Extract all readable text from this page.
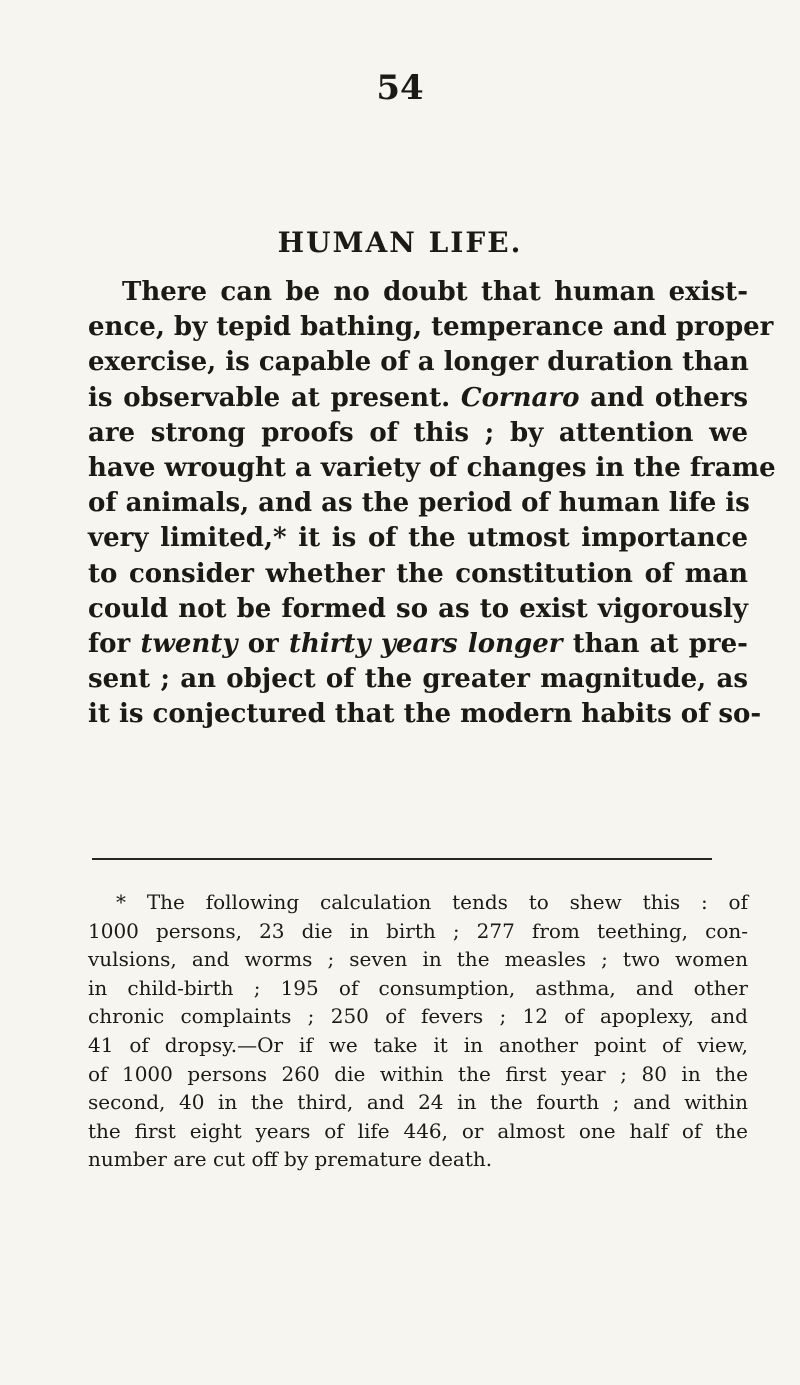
54
HUMAN LIFE.
There can be no doubt that human exist-
ence, by tepid bathing, temperance and proper
exercise, is capable of a longer duration than
is observable at present. Cornaro and others
are strong proofs of this ; by attention we
have wrought a variety of changes in the frame
of animals, and as the period of human life is
very limited,* it is of the utmost importance
to consider whether the constitution of man
could not be formed so as to exist vigorously
for twenty or thirty years longer than at pre-
sent ; an object of the greater magnitude, as
it is conjectured that the modern habits of so-
* The following calculation tends to shew this : of
1000 persons, 23 die in birth ; 277 from teething, con-
vulsions, and worms ; seven in the measles ; two women
in child-birth ; 195 of consumption, asthma, and other
chronic complaints ; 250 of fevers ; 12 of apoplexy, and
41 of dropsy.—Or if we take it in another point of view,
of 1000 persons 260 die within the first year ; 80 in the
second, 40 in the third, and 24 in the fourth ; and within
the first eight years of life 446, or almost one half of the
number are cut off by premature death.
